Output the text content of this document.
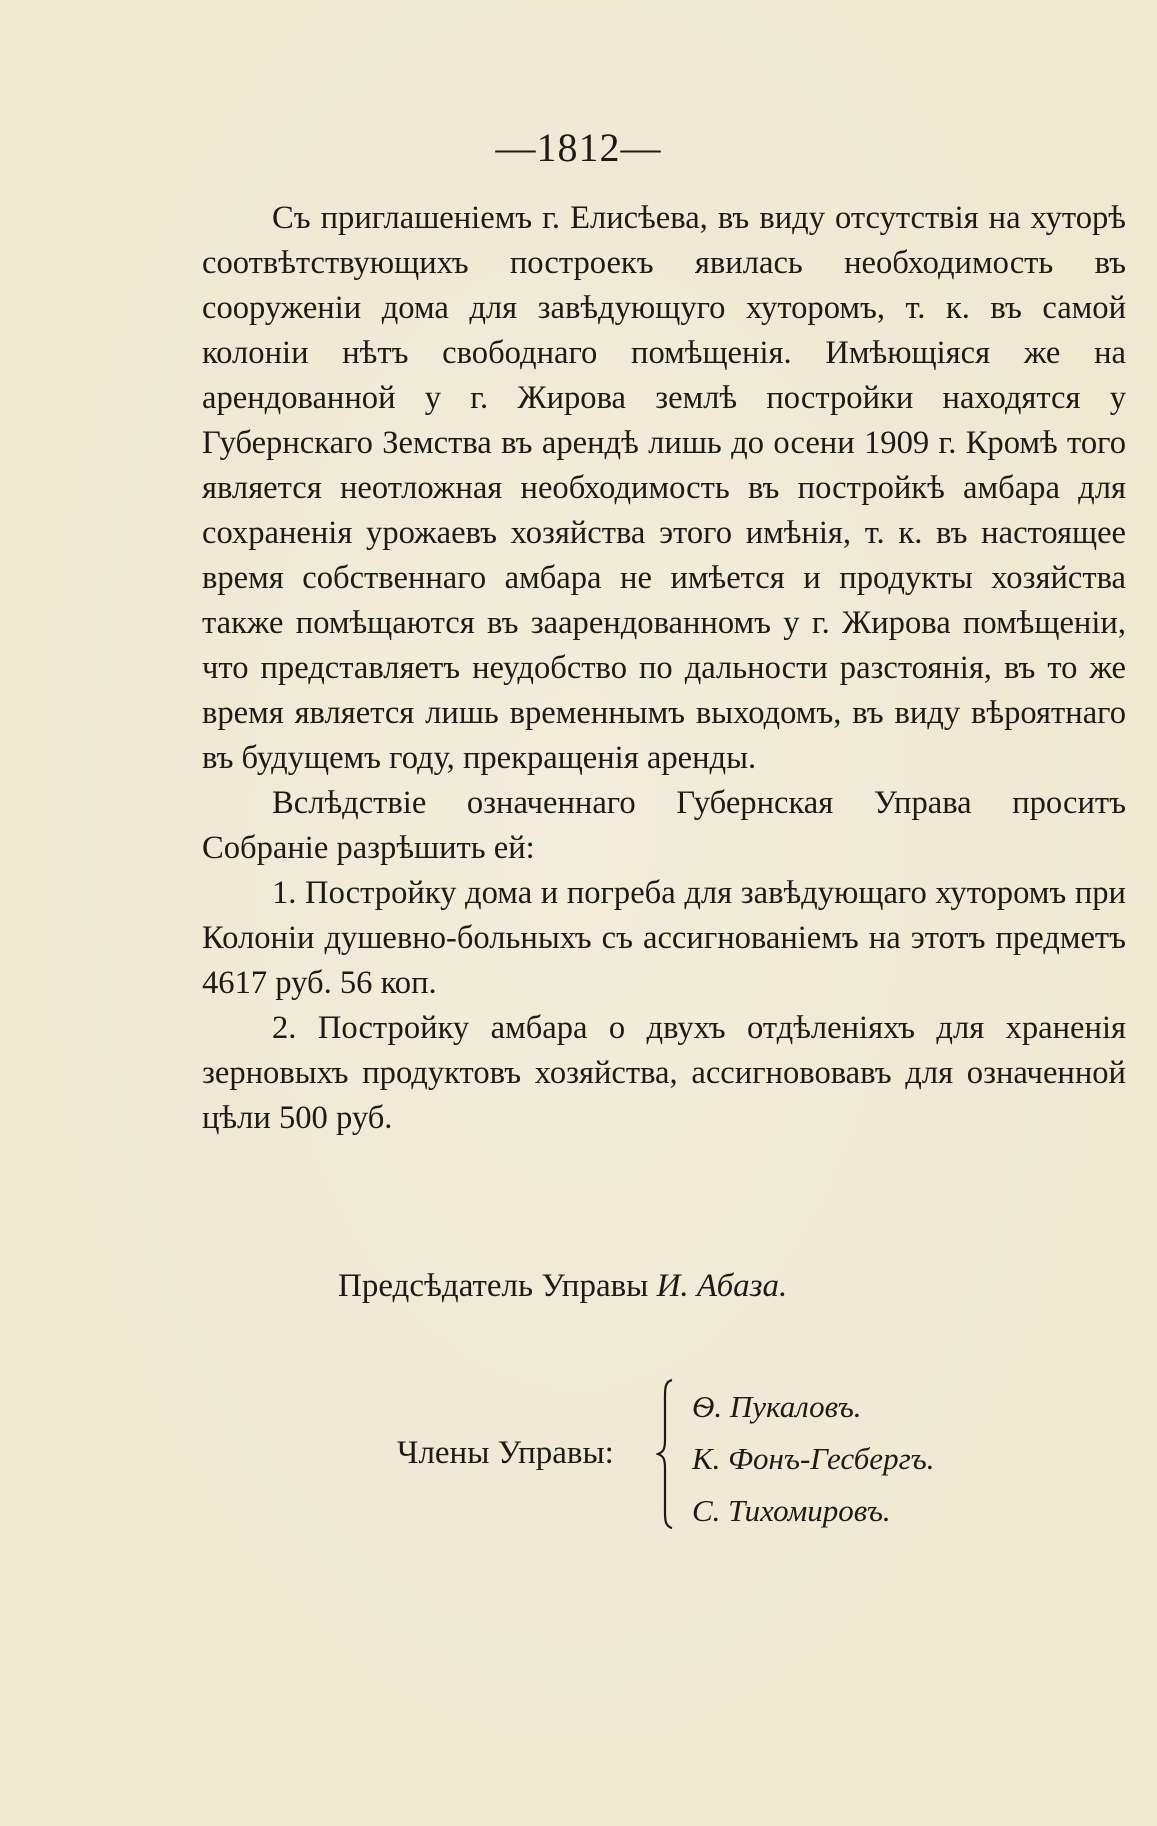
—1812—

Съ приглашеніемъ г. Елисѣева, въ виду отсутствія на хуторѣ соотвѣтствующихъ построекъ явилась необходимость въ сооруженіи дома для завѣдующуго хуторомъ, т. к. въ самой колоніи нѣтъ свободнаго помѣщенія. Имѣющіяся же на арендованной у г. Жирова землѣ постройки находятся у Губернскаго Земства въ арендѣ лишь до осени 1909 г. Кромѣ того является неотложная необходимость въ постройкѣ амбара для сохраненія урожаевъ хозяйства этого имѣнія, т. к. въ настоящее время собственнаго амбара не имѣется и продукты хозяйства также помѣщаются въ заарендованномъ у г. Жирова помѣщеніи, что представляетъ неудобство по дальности разстоянія, въ то же время является лишь временнымъ выходомъ, въ виду вѣроятнаго въ будущемъ году, прекращенія аренды.

Вслѣдствіе означеннаго Губернская Управа проситъ Собраніе разрѣшить ей:

1. Постройку дома и погреба для завѣдующаго хуторомъ при Колоніи душевно-больныхъ съ ассигнованіемъ на этотъ предметъ 4617 руб. 56 коп.

2. Постройку амбара о двухъ отдѣленіяхъ для храненія зерновыхъ продуктовъ хозяйства, ассигнововавъ для означенной цѣли 500 руб.

Предсѣдатель Управы И. Абаза.
Члены Управы:
Ѳ. Пукаловъ.
К. Фонъ-Гесбергъ.
С. Тихомировъ.
